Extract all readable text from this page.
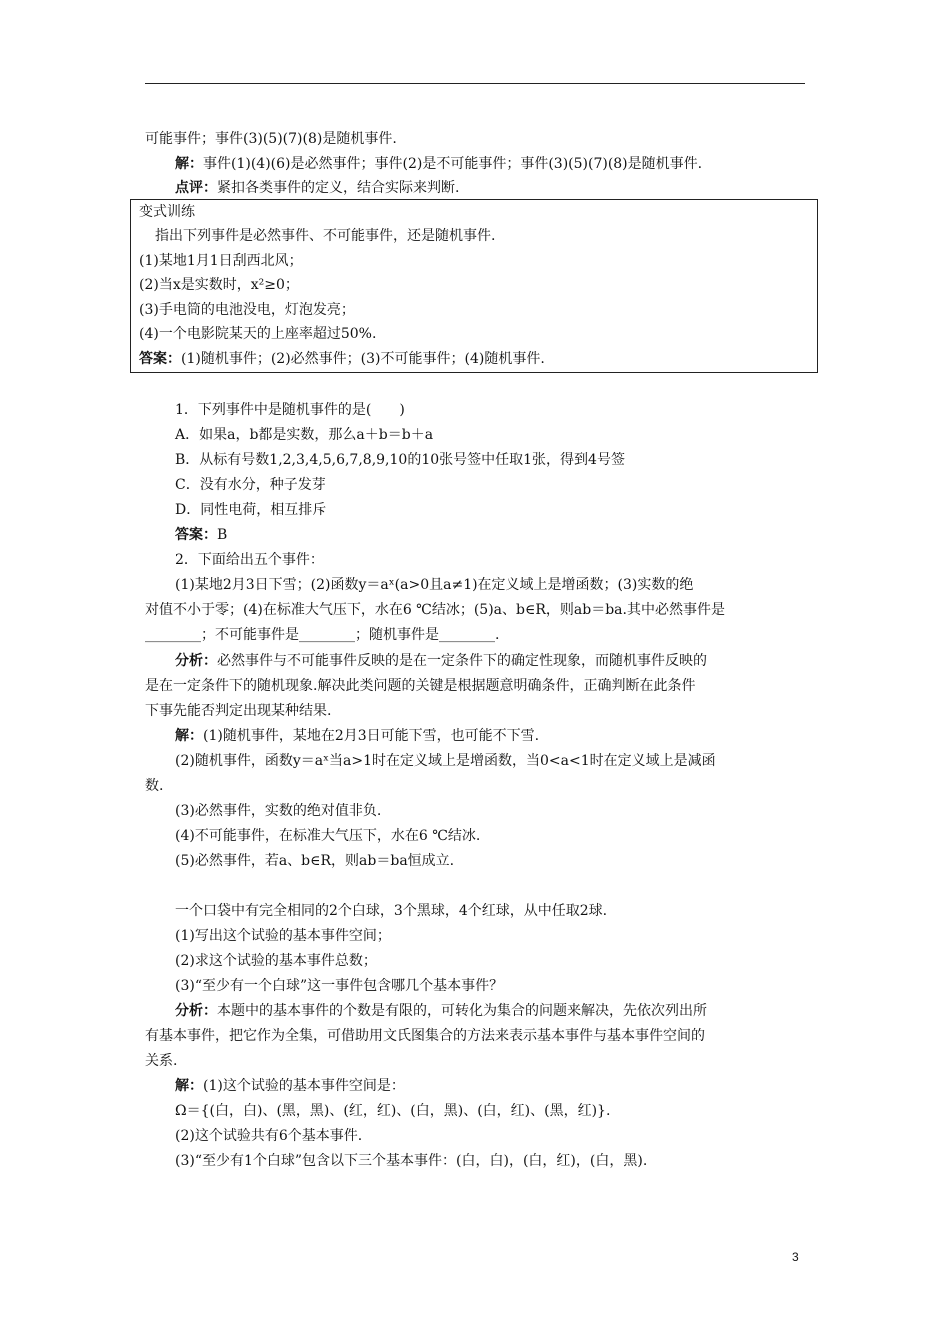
可能事件；事件(3)(5)(7)(8)是随机事件.
解：事件(1)(4)(6)是必然事件；事件(2)是不可能事件；事件(3)(5)(7)(8)是随机事件.
点评：紧扣各类事件的定义，结合实际来判断.
变式训练
指出下列事件是必然事件、不可能事件，还是随机事件.
(1)某地1月1日刮西北风；
(2)当x是实数时，x²≥0；
(3)手电筒的电池没电，灯泡发亮；
(4)一个电影院某天的上座率超过50%.
答案：(1)随机事件；(2)必然事件；(3)不可能事件；(4)随机事件.
1．下列事件中是随机事件的是(　　)
A．如果a，b都是实数，那么a＋b＝b＋a
B．从标有号数1,2,3,4,5,6,7,8,9,10的10张号签中任取1张，得到4号签
C．没有水分，种子发芽
D．同性电荷，相互排斥
答案：B
2．下面给出五个事件：
(1)某地2月3日下雪；(2)函数y＝aˣ(a>0且a≠1)在定义域上是增函数；(3)实数的绝
对值不小于零；(4)在标准大气压下，水在6 ℃结冰；(5)a、b∈R，则ab＝ba.其中必然事件是
________；不可能事件是________；随机事件是________.
分析：必然事件与不可能事件反映的是在一定条件下的确定性现象，而随机事件反映的
是在一定条件下的随机现象.解决此类问题的关键是根据题意明确条件，正确判断在此条件
下事先能否判定出现某种结果.
解：(1)随机事件，某地在2月3日可能下雪，也可能不下雪.
(2)随机事件，函数y＝aˣ当a>1时在定义域上是增函数，当0<a<1时在定义域上是减函
数.
(3)必然事件，实数的绝对值非负.
(4)不可能事件，在标准大气压下，水在6 ℃结冰.
(5)必然事件，若a、b∈R，则ab＝ba恒成立.
一个口袋中有完全相同的2个白球，3个黑球，4个红球，从中任取2球.
(1)写出这个试验的基本事件空间；
(2)求这个试验的基本事件总数；
(3)“至少有一个白球”这一事件包含哪几个基本事件？
分析：本题中的基本事件的个数是有限的，可转化为集合的问题来解决，先依次列出所
有基本事件，把它作为全集，可借助用文氏图集合的方法来表示基本事件与基本事件空间的
关系.
解：(1)这个试验的基本事件空间是：
Ω＝{(白，白)、(黑，黑)、(红，红)、(白，黑)、(白，红)、(黑，红)}.
(2)这个试验共有6个基本事件.
(3)“至少有1个白球”包含以下三个基本事件：(白，白)，(白，红)，(白，黑).
3
